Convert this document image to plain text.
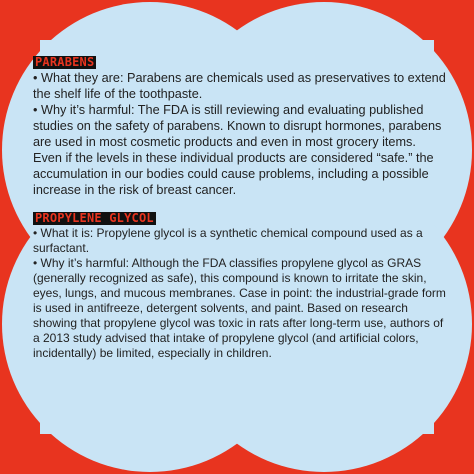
PARABENS

• What they are: Parabens are chemicals used as preservatives to extend the shelf life of the toothpaste.

• Why it’s harmful: The FDA is still reviewing and evaluating published studies on the safety of parabens. Known to disrupt hormones, parabens are used in most cosmetic products and even in most grocery items. Even if the levels in these individual products are considered “safe.” the accumulation in our bodies could cause problems, including a possible increase in the risk of breast cancer.

PROPYLENE GLYCOL

• What it is: Propylene glycol is a synthetic chemical compound used as a surfactant.

• Why it’s harmful: Although the FDA classifies propylene glycol as GRAS (generally recognized as safe), this compound is known to irritate the skin, eyes, lungs, and mucous membranes. Case in point: the industrial-grade form is used in antifreeze, detergent solvents, and paint. Based on research showing that propylene glycol was toxic in rats after long-term use, authors of a 2013 study advised that intake of propylene glycol (and artificial colors, incidentally) be limited, especially in children.
